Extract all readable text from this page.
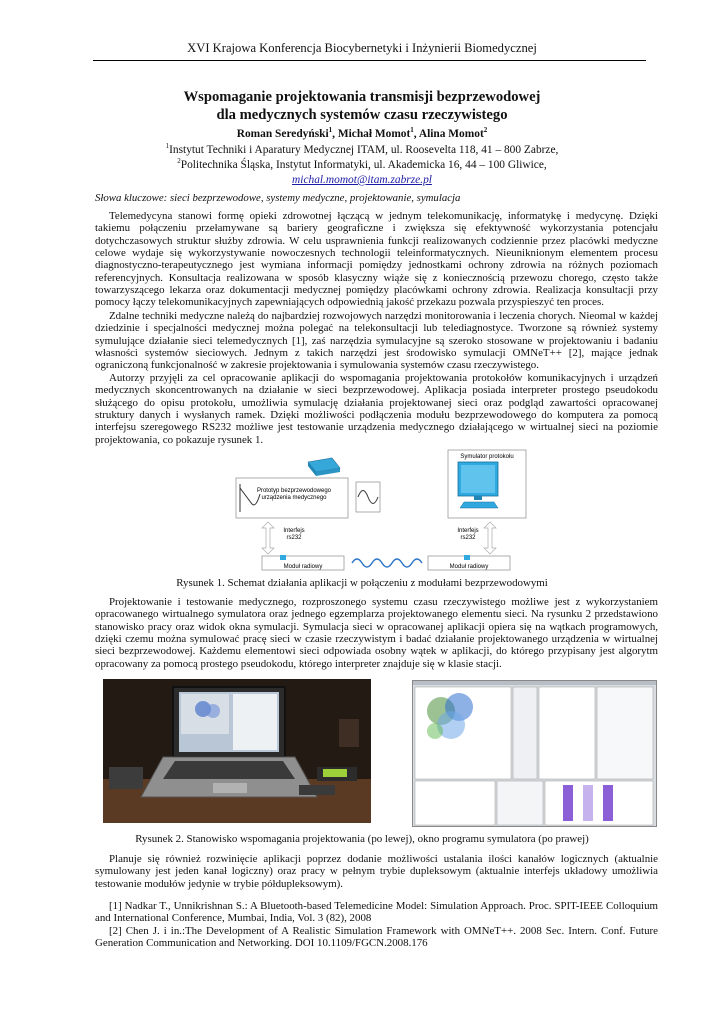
XVI Krajowa Konferencja Biocybernetyki i Inżynierii Biomedycznej
Wspomaganie projektowania transmisji bezprzewodowej
dla medycznych systemów czasu rzeczywistego
Roman Seredyński$^1$, Michał Momot$^1$, Alina Momot$^2$
$^1$Instytut Techniki i Aparatury Medycznej ITAM, ul. Roosevelta 118, 41 – 800 Zabrze,
$^2$Politechnika Śląska, Instytut Informatyki, ul. Akademicka 16, 44 – 100 Gliwice,
michal.momot@itam.zabrze.pl
Słowa kluczowe: sieci bezprzewodowe, systemy medyczne, projektowanie, symulacja
Telemedycyna stanowi formę opieki zdrowotnej łączącą w jednym telekomunikację, informatykę i medycynę. Dzięki takiemu połączeniu przełamywane są bariery geograficzne i zwiększa się efektywność wykorzystania potencjału dotychczasowych struktur służby zdrowia. W celu usprawnienia funkcji realizowanych codziennie przez placówki medyczne celowe wydaje się wykorzystywanie nowoczesnych technologii teleinformatycznych. Nieuniknionym elementem procesu diagnostyczno-terapeutycznego jest wymiana informacji pomiędzy jednostkami ochrony zdrowia na różnych poziomach referencyjnych. Konsultacja realizowana w sposób klasyczny wiąże się z koniecznością przewozu chorego, często także towarzyszącego lekarza oraz dokumentacji medycznej pomiędzy placówkami ochrony zdrowia. Realizacja konsultacji przy pomocy łączy telekomunikacyjnych zapewniających odpowiednią jakość przekazu pozwala przyspieszyć ten proces.
Zdalne techniki medyczne należą do najbardziej rozwojowych narzędzi monitorowania i leczenia chorych. Nieomal w każdej dziedzinie i specjalności medycznej można polegać na telekonsultacji lub telediagnostyce. Tworzone są również systemy symulujące działanie sieci telemedycznych [1], zaś narzędzia symulacyjne są szeroko stosowane w projektowaniu i badaniu własności systemów sieciowych. Jednym z takich narzędzi jest środowisko symulacji OMNeT++ [2], mające jednak ograniczoną funkcjonalność w zakresie projektowania i symulowania systemów czasu rzeczywistego.
Autorzy przyjęli za cel opracowanie aplikacji do wspomagania projektowania protokołów komunikacyjnych i urządzeń medycznych skoncentrowanych na działanie w sieci bezprzewodowej. Aplikacja posiada interpreter prostego pseudokodu służącego do opisu protokołu, umożliwia symulację działania projektowanej sieci oraz podgląd zawartości opracowanej struktury danych i wysłanych ramek. Dzięki możliwości podłączenia modułu bezprzewodowego do komputera za pomocą interfejsu szeregowego RS232 możliwe jest testowanie urządzenia medycznego działającego w wirtualnej sieci na poziomie projektowania, co pokazuje rysunek 1.
Prototyp bezprzewodowego
urządzenia medycznego
Symulator protokołu
Interfejs
rs232
Interfejs
rs232
Moduł radiowy	Moduł radiowy
Rysunek 1. Schemat działania aplikacji w połączeniu z modułami bezprzewodowymi
Projektowanie i testowanie medycznego, rozproszonego systemu czasu rzeczywistego możliwe jest z wykorzystaniem opracowanego wirtualnego symulatora oraz jednego egzemplarza projektowanego elementu sieci. Na rysunku 2 przedstawiono stanowisko pracy oraz widok okna symulacji. Symulacja sieci w opracowanej aplikacji opiera się na wątkach programowych, dzięki czemu można symulować pracę sieci w czasie rzeczywistym i badać działanie projektowanego urządzenia w wirtualnej sieci bezprzewodowej. Każdemu elementowi sieci odpowiada osobny wątek w aplikacji, do którego przypisany jest algorytm opracowany za pomocą prostego pseudokodu, którego interpreter znajduje się w klasie stacji.
Rysunek 2. Stanowisko wspomagania projektowania (po lewej), okno programu symulatora (po prawej)
Planuje się również rozwinięcie aplikacji poprzez dodanie możliwości ustalania ilości kanałów logicznych (aktualnie symulowany jest jeden kanał logiczny) oraz pracy w pełnym trybie dupleksowym (aktualnie interfejs układowy umożliwia testowanie modułów jedynie w trybie półdupleksowym).

[1] Nadkar T., Unnikrishnan S.: A Bluetooth-based Telemedicine Model: Simulation Approach. Proc. SPIT-IEEE Colloquium and International Conference, Mumbai, India, Vol. 3 (82), 2008

[2] Chen J. i in.:The Development of A Realistic Simulation Framework with OMNeT++. 2008 Sec. Intern. Conf. Future Generation Communication and Networking. DOI 10.1109/FGCN.2008.176
